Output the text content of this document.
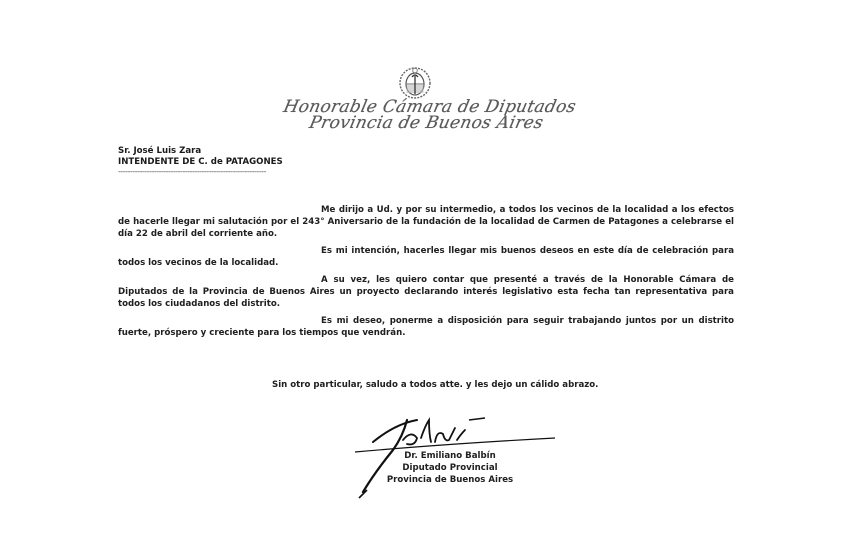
Honorable Cámara de Diputados
Provincia de Buenos Aires
Sr. José Luis Zara
INTENDENTE DE C. de PATAGONES
--------------------------------------------------------------

Me dirijo a Ud. y por su intermedio, a todos los vecinos de la localidad a los efectos de hacerle llegar mi salutación por el 243° Aniversario de la fundación de la localidad de Carmen de Patagones a celebrarse el día 22 de abril del corriente año.

Es mi intención, hacerles llegar mis buenos deseos en este día de celebración para todos los vecinos de la localidad.

A su vez, les quiero contar que presenté a través de la Honorable Cámara de Diputados de la Provincia de Buenos Aires un proyecto declarando interés legislativo esta fecha tan representativa para todos los ciudadanos del distrito.

Es mi deseo, ponerme a disposición para seguir trabajando juntos por un distrito fuerte, próspero y creciente para los tiempos que vendrán.

Sin otro particular, saludo a todos atte. y les dejo un cálido abrazo.
Dr. Emiliano Balbín
Diputado Provincial
Provincia de Buenos Aires
